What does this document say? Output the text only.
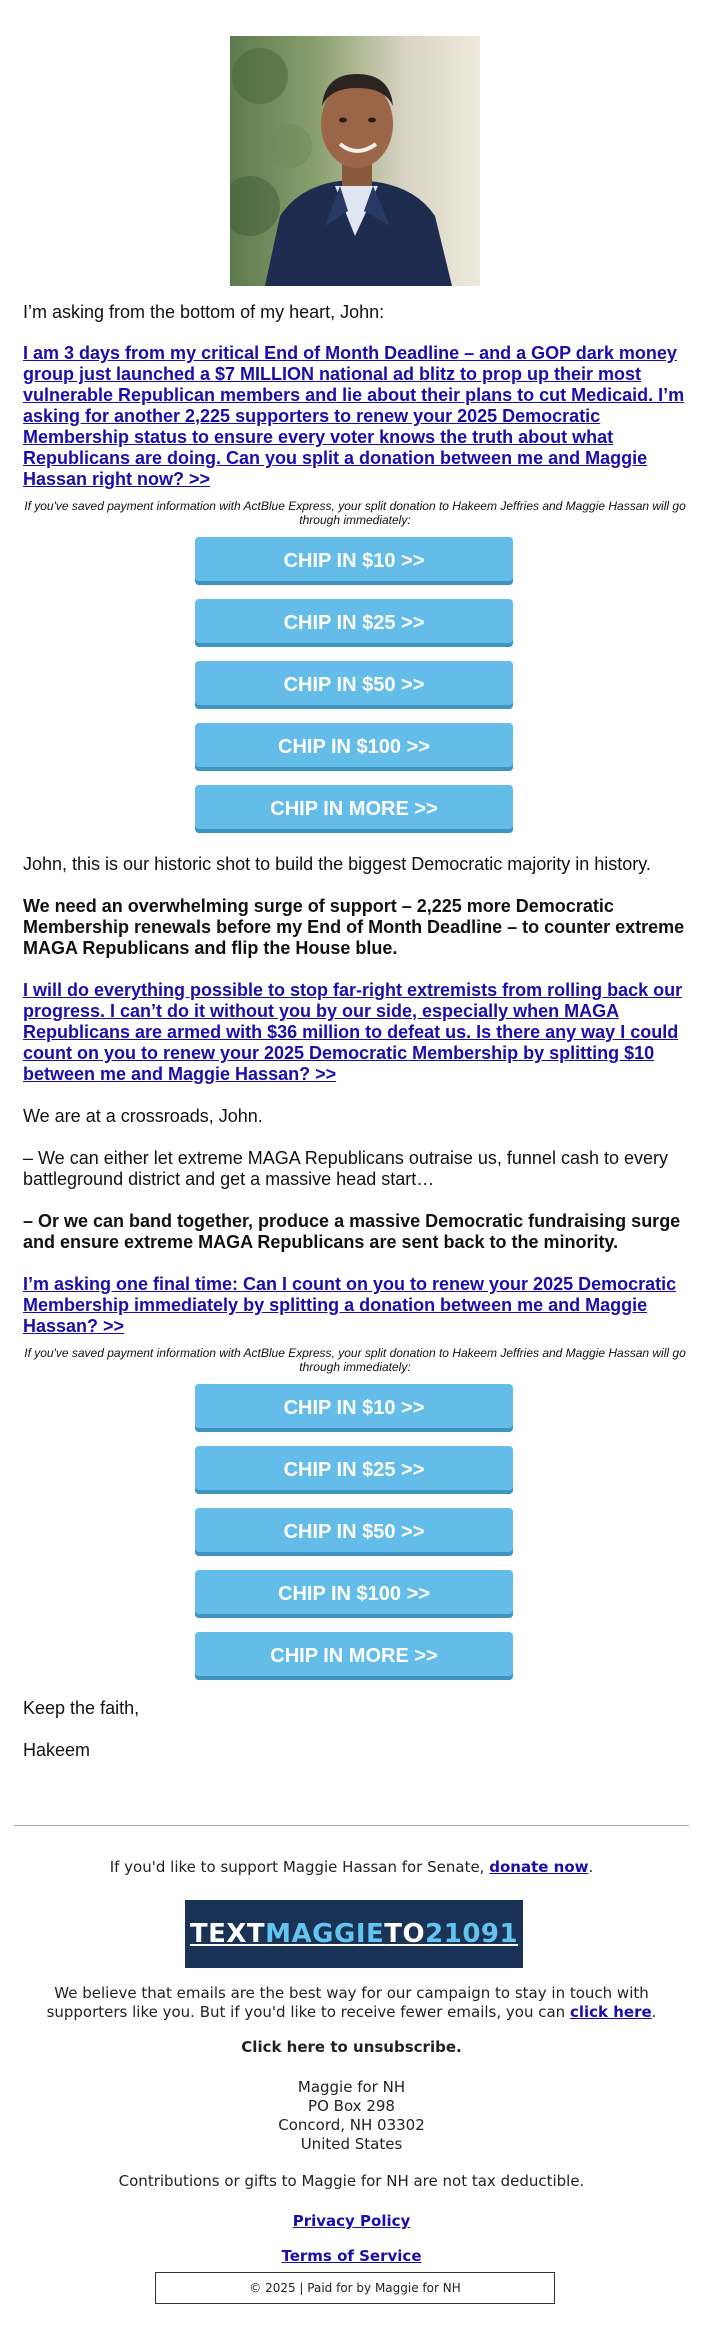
I’m asking from the bottom of my heart, John:
I am 3 days from my critical End of Month Deadline – and a GOP dark money group just launched a $7 MILLION national ad blitz to prop up their most vulnerable Republican members and lie about their plans to cut Medicaid. I’m asking for another 2,225 supporters to renew your 2025 Democratic Membership status to ensure every voter knows the truth about what Republicans are doing. Can you split a donation between me and Maggie Hassan right now? >>
If you've saved payment information with ActBlue Express, your split donation to Hakeem Jeffries and Maggie Hassan will go through immediately:
CHIP IN $10 >>
CHIP IN $25 >>
CHIP IN $50 >>
CHIP IN $100 >>
CHIP IN MORE >>
John, this is our historic shot to build the biggest Democratic majority in history.
We need an overwhelming surge of support – 2,225 more Democratic Membership renewals before my End of Month Deadline – to counter extreme MAGA Republicans and flip the House blue.
I will do everything possible to stop far-right extremists from rolling back our progress. I can’t do it without you by our side, especially when MAGA Republicans are armed with $36 million to defeat us. Is there any way I could count on you to renew your 2025 Democratic Membership by splitting $10 between me and Maggie Hassan? >>
We are at a crossroads, John.
– We can either let extreme MAGA Republicans outraise us, funnel cash to every battleground district and get a massive head start…
– Or we can band together, produce a massive Democratic fundraising surge and ensure extreme MAGA Republicans are sent back to the minority.
I’m asking one final time: Can I count on you to renew your 2025 Democratic Membership immediately by splitting a donation between me and Maggie Hassan? >>
If you've saved payment information with ActBlue Express, your split donation to Hakeem Jeffries and Maggie Hassan will go through immediately:
CHIP IN $10 >>
CHIP IN $25 >>
CHIP IN $50 >>
CHIP IN $100 >>
CHIP IN MORE >>
Keep the faith,
Hakeem
If you'd like to support Maggie Hassan for Senate, donate now.
TEXT MAGGIE TO 21091
We believe that emails are the best way for our campaign to stay in touch with supporters like you. But if you'd like to receive fewer emails, you can click here.
Click here to unsubscribe.
Maggie for NH
PO Box 298
Concord, NH 03302
United States
Contributions or gifts to Maggie for NH are not tax deductible.
Privacy Policy
Terms of Service
© 2025 | Paid for by Maggie for NH
